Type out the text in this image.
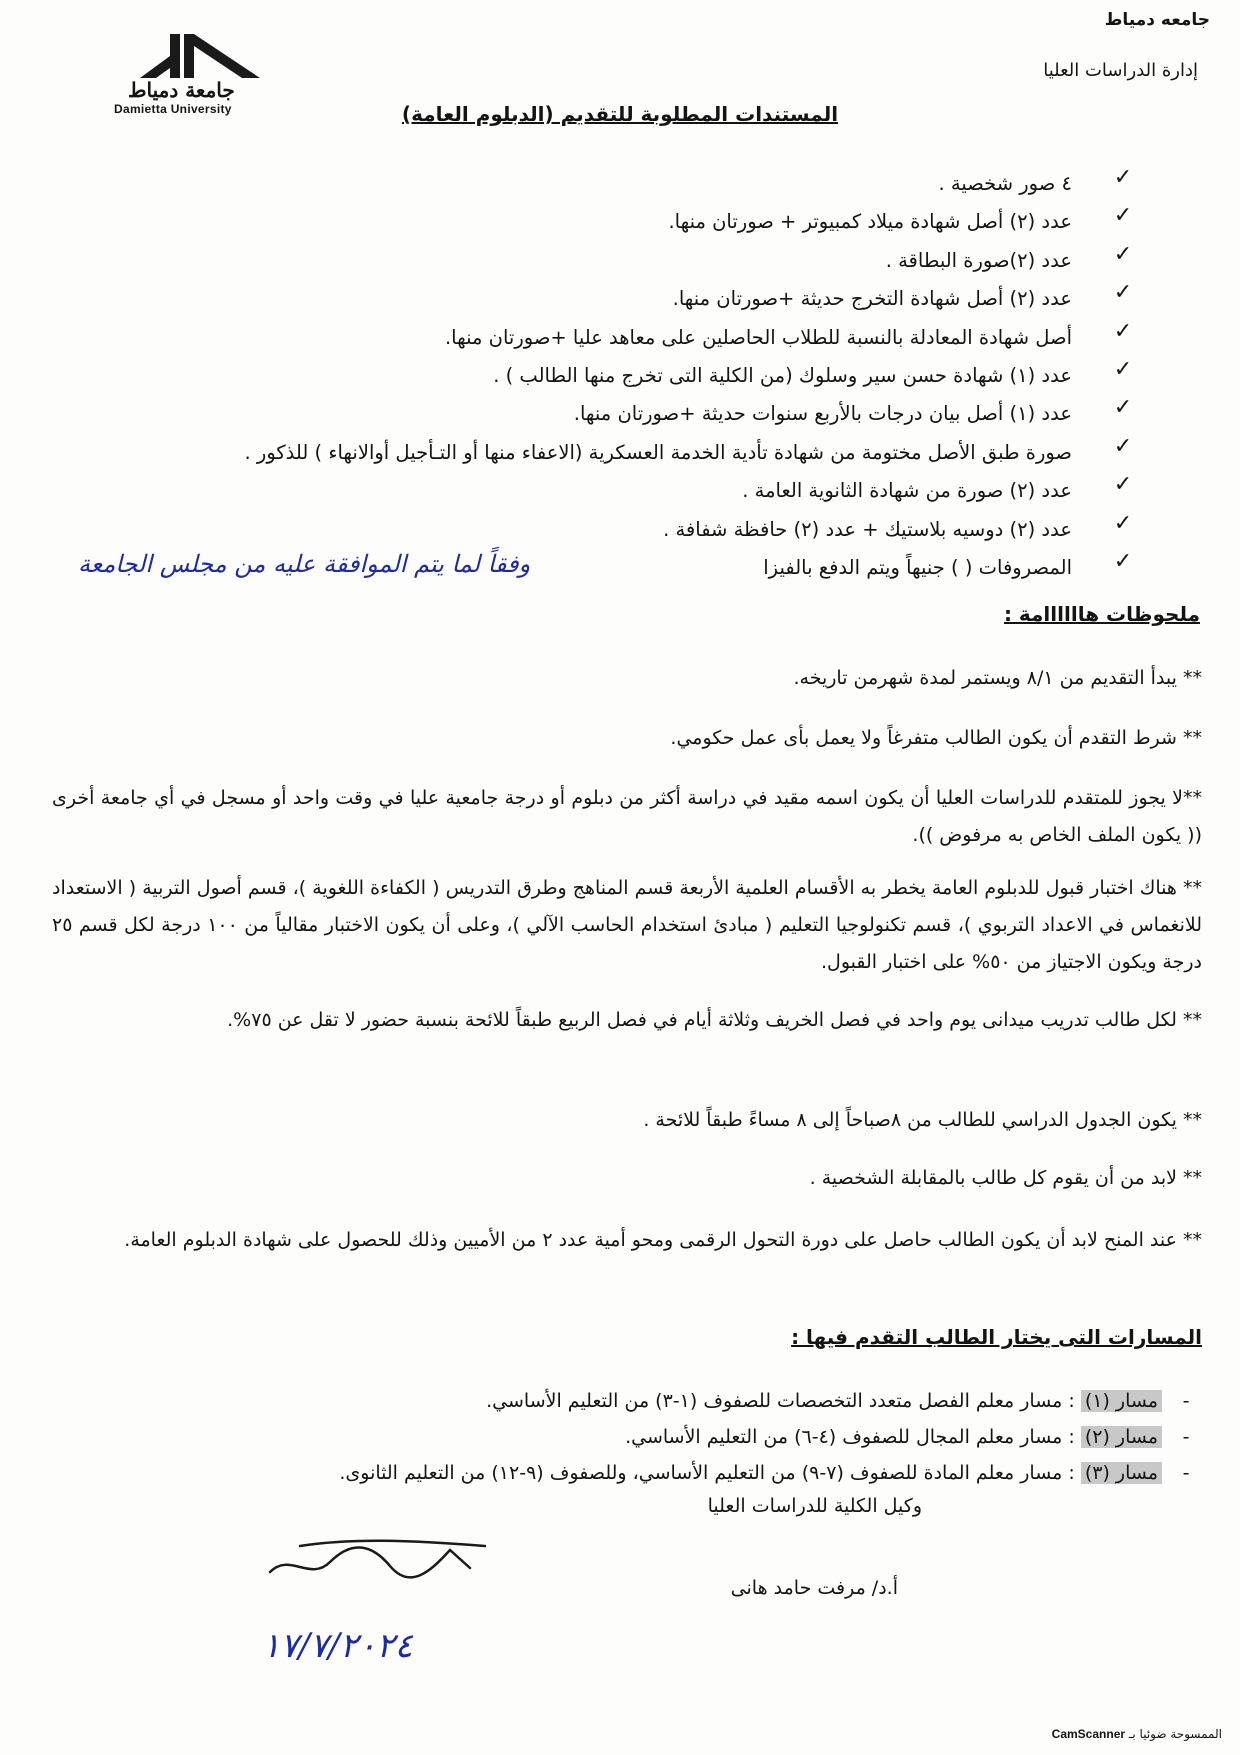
جامعه دمياط
إدارة الدراسات العليا
جامعة دمياط
Damietta University	المستندات المطلوبة للتقديم (الدبلوم العامة)
✓
✓
✓
✓
✓
✓
✓
✓
✓
✓
✓
٤ صور شخصية .
عدد (٢) أصل شهادة ميلاد كمبيوتر + صورتان منها.
عدد (٢)صورة البطاقة .
عدد (٢) أصل شهادة التخرج حديثة +صورتان منها.
أصل شهادة المعادلة بالنسبة للطلاب الحاصلين على معاهد عليا +صورتان منها.
عدد (١) شهادة حسن سير وسلوك (من الكلية التى تخرج منها الطالب ) .
عدد (١) أصل بيان درجات بالأربع سنوات حديثة +صورتان منها.
صورة طبق الأصل مختومة من شهادة تأدية الخدمة العسكرية (الاعفاء منها أو التـأجيل أوالانهاء ) للذكور .
عدد (٢) صورة من شهادة الثانوية العامة .
عدد (٢) دوسيه بلاستيك + عدد (٢) حافظة شفافة .
المصروفات ( ) جنيهاً ويتم الدفع بالفيزا
وفقاً لما يتم الموافقة عليه من مجلس الجامعة
ملحوظات هاااااامة :
** يبدأ التقديم من ٨/١ ويستمر لمدة شهرمن تاريخه.
** شرط التقدم أن يكون الطالب متفرغاً ولا يعمل بأى عمل حكومي.
**لا يجوز للمتقدم للدراسات العليا أن يكون اسمه مقيد في دراسة أكثر من دبلوم أو درجة جامعية عليا في وقت واحد أو مسجل في أي جامعة أخرى (( يكون الملف الخاص به مرفوض )).
** هناك اختبار قبول للدبلوم العامة يخطر به الأقسام العلمية الأربعة قسم المناهج وطرق التدريس ( الكفاءة اللغوية )، قسم أصول التربية ( الاستعداد للانغماس في الاعداد التربوي )، قسم تكنولوجيا التعليم ( مبادئ استخدام الحاسب الآلي )، وعلى أن يكون الاختبار مقالياً من ١٠٠ درجة لكل قسم ٢٥ درجة ويكون الاجتياز من ٥٠% على اختبار القبول.
** لكل طالب تدريب ميدانى يوم واحد في فصل الخريف وثلاثة أيام في فصل الربيع طبقاً للائحة بنسبة حضور لا تقل عن ٧٥%.
** يكون الجدول الدراسي للطالب من ٨صباحاً إلى ٨ مساءً طبقاً للائحة .
** لابد من أن يقوم كل طالب بالمقابلة الشخصية .
** عند المنح لابد أن يكون الطالب حاصل على دورة التحول الرقمى ومحو أمية عدد ٢ من الأميين وذلك للحصول على شهادة الدبلوم العامة.
المسارات التى يختار الطالب التقدم فيها :
-مسار (١) : مسار معلم الفصل متعدد التخصصات للصفوف (١-٣) من التعليم الأساسي.
-مسار (٢) : مسار معلم المجال للصفوف (٤-٦) من التعليم الأساسي.
-مسار (٣) : مسار معلم المادة للصفوف (٧-٩) من التعليم الأساسي، وللصفوف (٩-١٢) من التعليم الثانوى.
وكيل الكلية للدراسات العليا
أ.د/ مرفت حامد هانى
١٧/٧/٢٠٢٤
الممسوحة ضوئيا بـ CamScanner
